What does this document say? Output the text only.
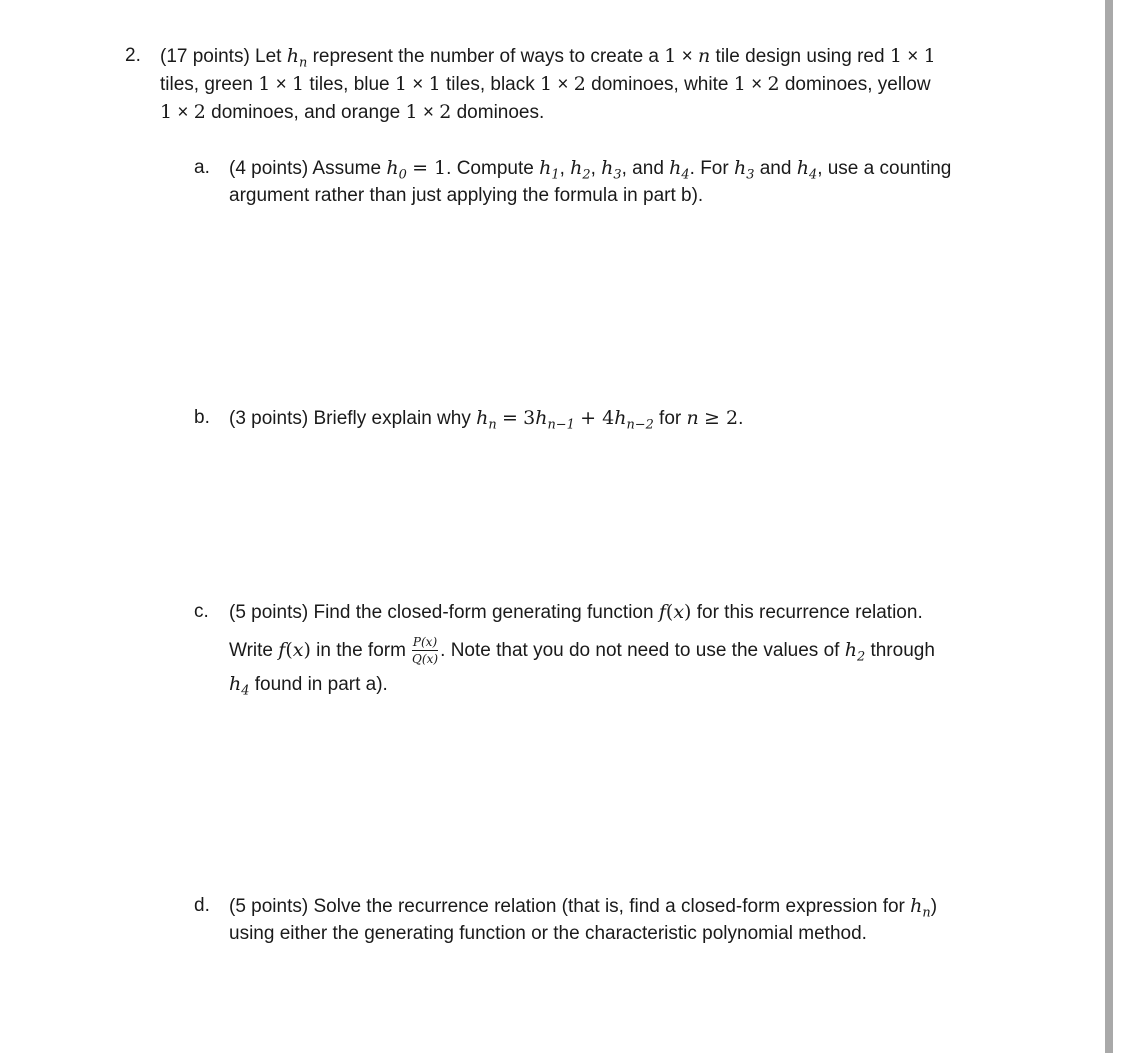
2. (17 points) Let $h_n$ represent the number of ways to create a 1 × n tile design using red 1 × 1
tiles, green 1 × 1 tiles, blue 1 × 1 tiles, black 1 × 2 dominoes, white 1 × 2 dominoes, yellow
1 × 2 dominoes, and orange 1 × 2 dominoes.
a. (4 points) Assume $h_0 = 1$. Compute $h_1$, $h_2$, $h_3$, and $h_4$. For $h_3$ and $h_4$, use a counting
argument rather than just applying the formula in part b).
b. (3 points) Briefly explain why $h_n = 3h_{n-1} + 4h_{n-2}$ for n ≥ 2.
c. (5 points) Find the closed-form generating function f(x) for this recurrence relation.
Write f(x) in the form $\frac{P(x)}{Q(x)}$ . Note that you do not need to use the values of $h_2$ through
$h_4$ found in part a).
d. (5 points) Solve the recurrence relation (that is, find a closed-form expression for $h_n$)
using either the generating function or the characteristic polynomial method.
